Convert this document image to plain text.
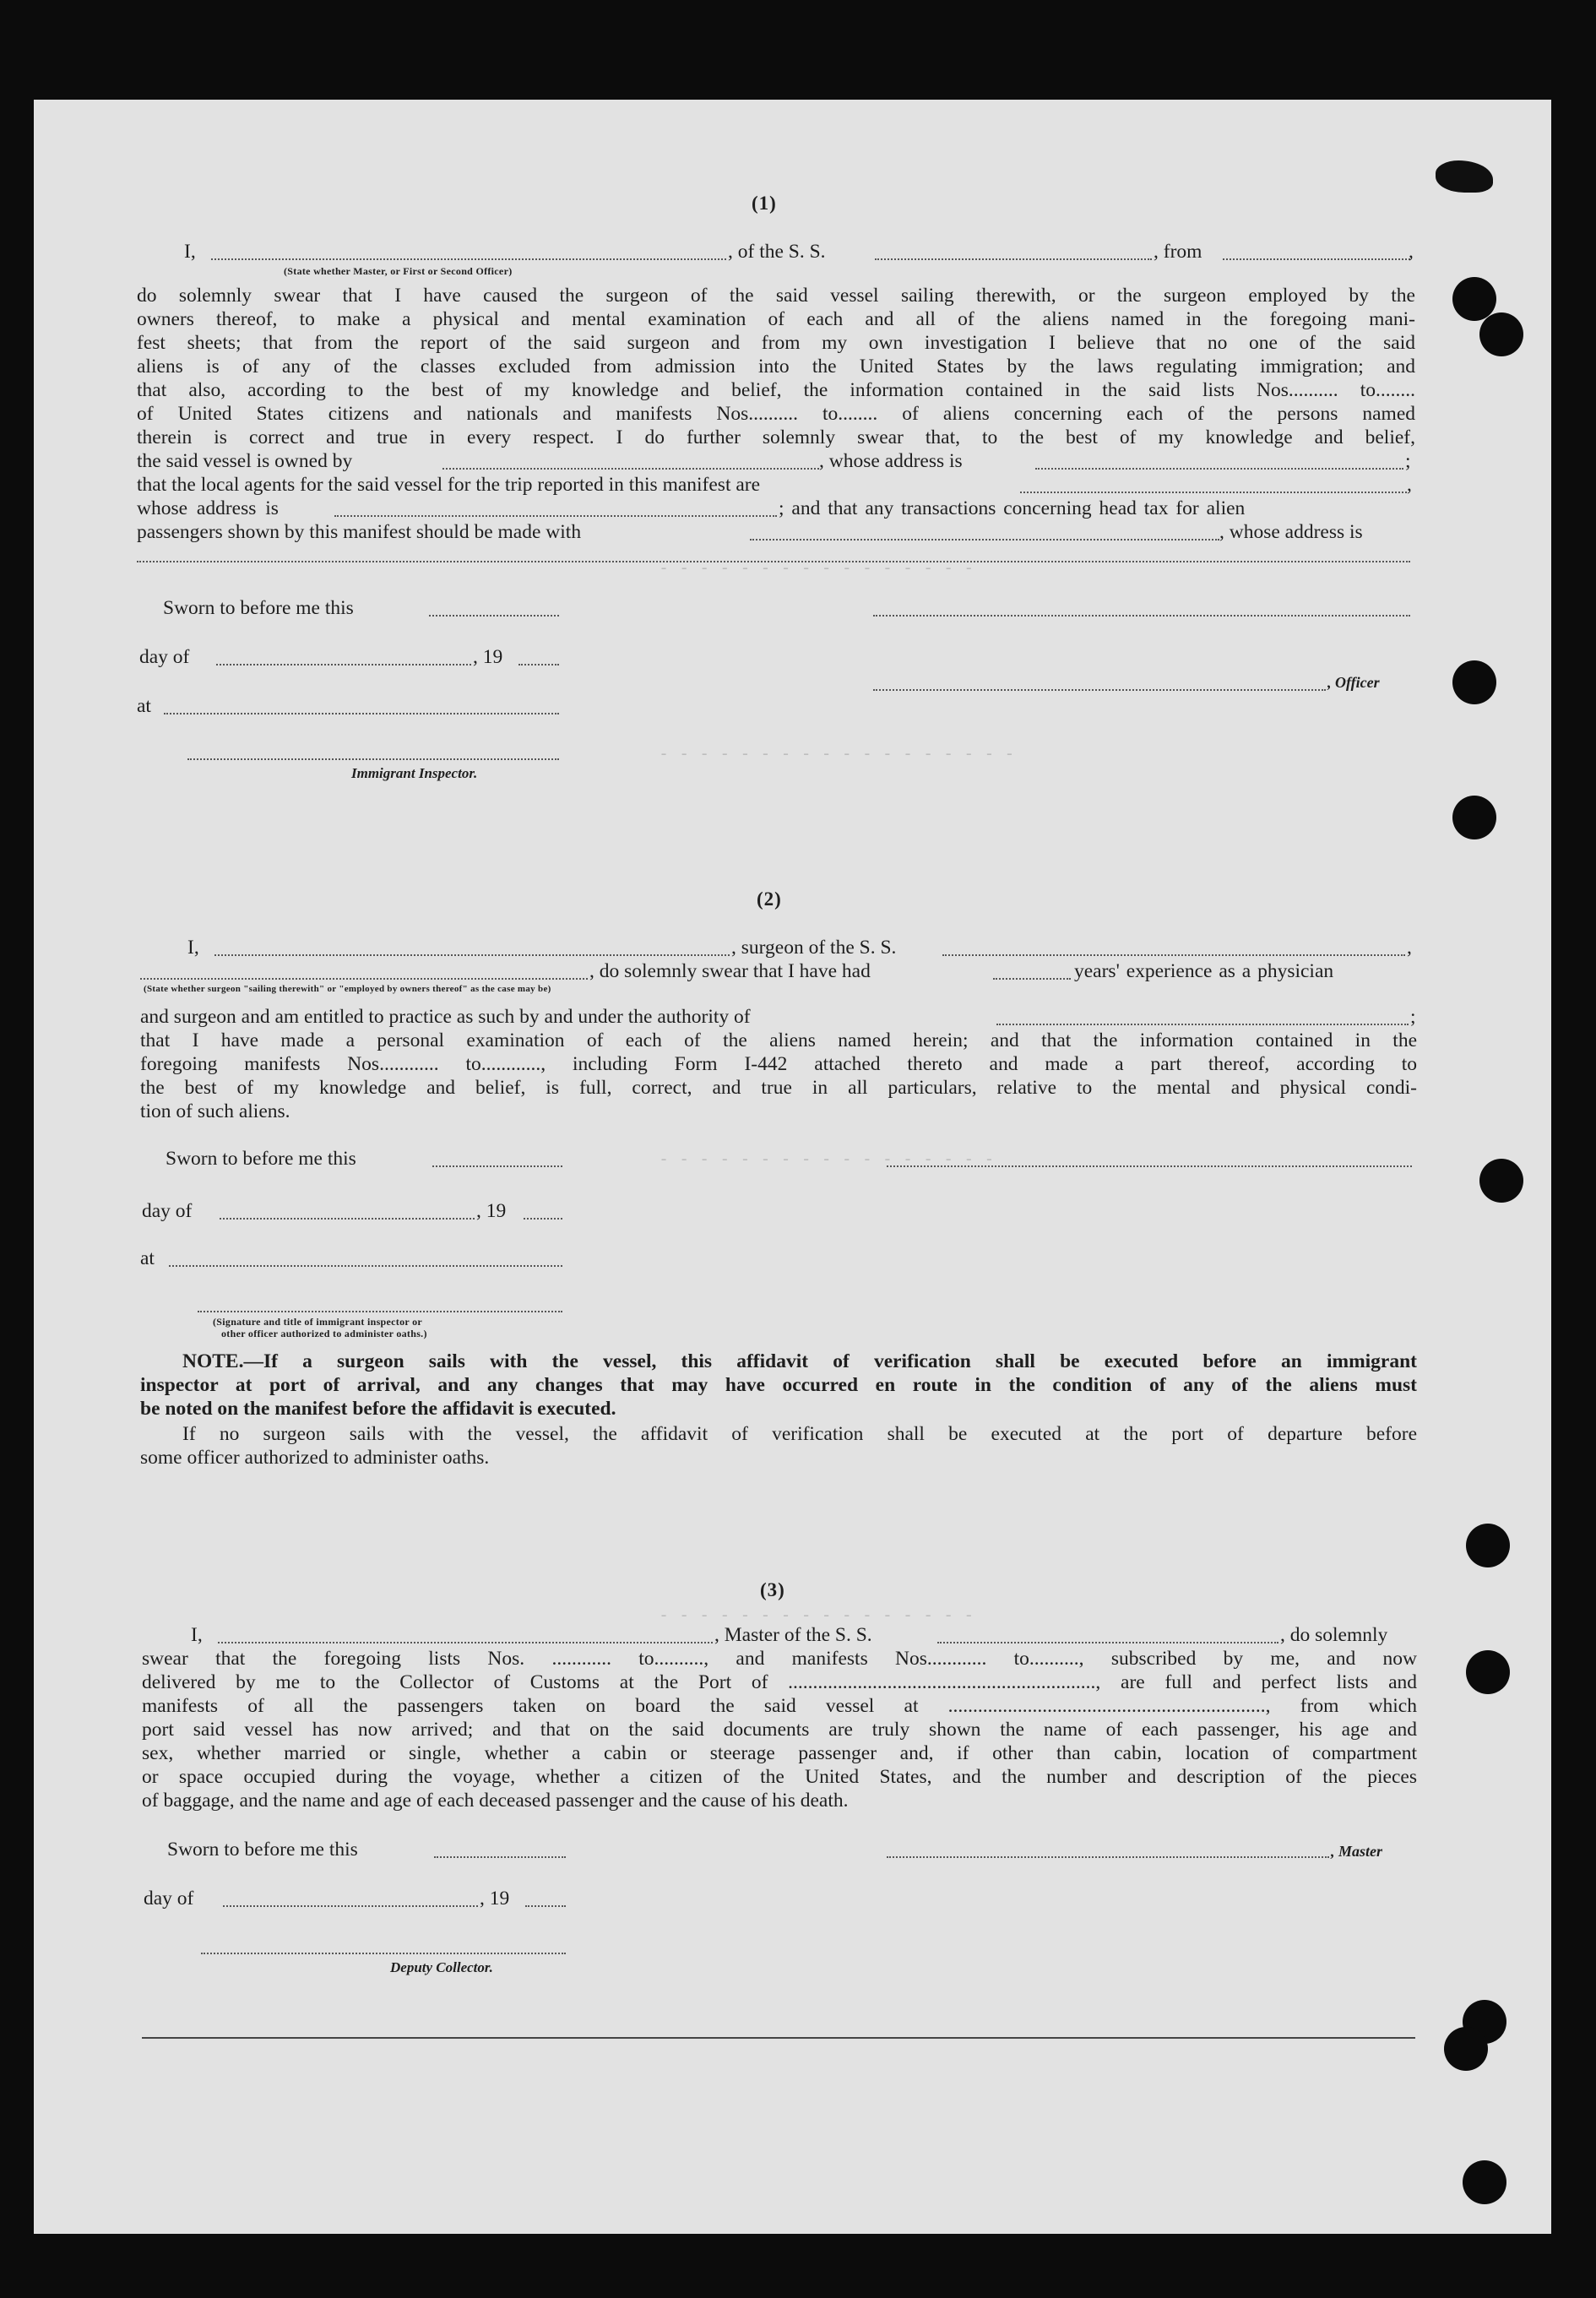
- - - - - - - - - - - - - - - -
- - - - - - - - - - - - - - - - - -
- - - - - - - - - - - - - - - - -
- - - - - - - - - - - - - - - -
(1)
I,	, of the S. S.	, from	,
(State whether Master, or First or Second Officer)
do solemnly swear that I have caused the surgeon of the said vessel sailing therewith, or the surgeon employed by the
owners thereof, to make a physical and mental examination of each and all of the aliens named in the foregoing mani-
fest sheets; that from the report of the said surgeon and from my own investigation I believe that no one of the said
aliens is of any of the classes excluded from admission into the United States by the laws regulating immigration; and
that also, according to the best of my knowledge and belief, the information contained in the said lists Nos.......... to........
of United States citizens and nationals and manifests Nos.......... to........ of aliens concerning each of the persons named
therein is correct and true in every respect. I do further solemnly swear that, to the best of my knowledge and belief,
the said vessel is owned by	, whose address is	;
that the local agents for the said vessel for the trip reported in this manifest are	,
whose address is	; and that any transactions concerning head tax for alien
passengers shown by this manifest should be made with	, whose address is
Sworn to before me this
day of	, 19
, Officer
at
Immigrant Inspector.
(2)
I,	, surgeon of the S. S.	,
, do solemnly swear that I have had	years' experience as a physician
(State whether surgeon "sailing therewith" or "employed by owners thereof" as the case may be)
and surgeon and am entitled to practice as such by and under the authority of	;
that I have made a personal examination of each of the aliens named herein; and that the information contained in the
foregoing manifests Nos............ to............, including Form I-442 attached thereto and made a part thereof, according to
the best of my knowledge and belief, is full, correct, and true in all particulars, relative to the mental and physical condi-
tion of such aliens.
Sworn to before me this
day of	, 19
at
(Signature and title of immigrant inspector or
other officer authorized to administer oaths.)
NOTE.—If a surgeon sails with the vessel, this affidavit of verification shall be executed before an immigrant
inspector at port of arrival, and any changes that may have occurred en route in the condition of any of the aliens must
be noted on the manifest before the affidavit is executed.
If no surgeon sails with the vessel, the affidavit of verification shall be executed at the port of departure before
some officer authorized to administer oaths.
(3)
I,	, Master of the S. S.	, do solemnly
swear that the foregoing lists Nos. ............ to.........., and manifests Nos............ to.........., subscribed by me, and now
delivered by me to the Collector of Customs at the Port of .............................................................., are full and perfect lists and
manifests of all the passengers taken on board the said vessel at ................................................................, from which
port said vessel has now arrived; and that on the said documents are truly shown the name of each passenger, his age and
sex, whether married or single, whether a cabin or steerage passenger and, if other than cabin, location of compartment
or space occupied during the voyage, whether a citizen of the United States, and the number and description of the pieces
of baggage, and the name and age of each deceased passenger and the cause of his death.
Sworn to before me this	, Master
day of	, 19
Deputy Collector.
